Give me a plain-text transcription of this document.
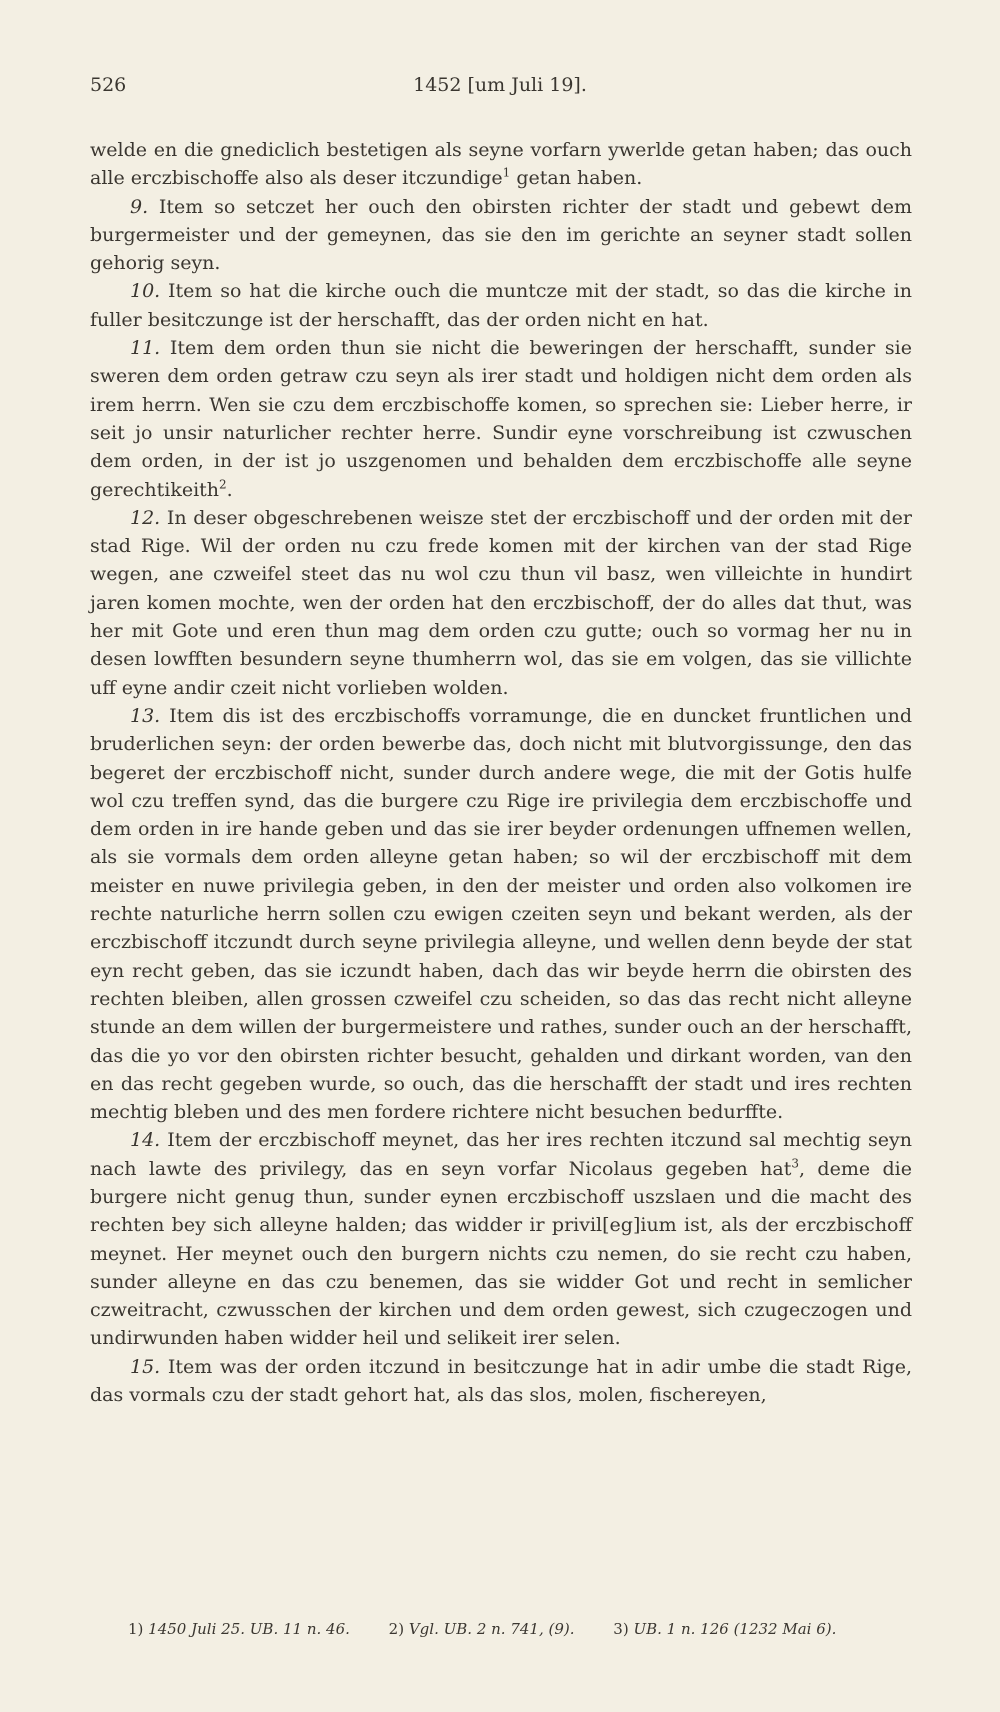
526	1452 [um Juli 19].

welde en die gnediclich bestetigen als seyne vorfarn ywerlde getan haben; das ouch alle erczbischoffe also als deser itczundige$^1$ getan haben.

9. Item so setczet her ouch den obirsten richter der stadt und gebewt dem burgermeister und der gemeynen, das sie den im gerichte an seyner stadt sollen gehorig seyn.

10. Item so hat die kirche ouch die muntcze mit der stadt, so das die kirche in fuller besitczunge ist der herschafft, das der orden nicht en hat.

11. Item dem orden thun sie nicht die beweringen der herschafft, sunder sie sweren dem orden getraw czu seyn als irer stadt und holdigen nicht dem orden als irem herrn. Wen sie czu dem erczbischoffe komen, so sprechen sie: Lieber herre, ir seit jo unsir naturlicher rechter herre. Sundir eyne vorschreibung ist czwuschen dem orden, in der ist jo uszgenomen und behalden dem erczbischoffe alle seyne gerechtikeith$^2$.

12. In deser obgeschrebenen weisze stet der erczbischoff und der orden mit der stad Rige. Wil der orden nu czu frede komen mit der kirchen van der stad Rige wegen, ane czweifel steet das nu wol czu thun vil basz, wen villeichte in hundirt jaren komen mochte, wen der orden hat den erczbischoff, der do alles dat thut, was her mit Gote und eren thun mag dem orden czu gutte; ouch so vormag her nu in desen lowfften besundern seyne thumherrn wol, das sie em volgen, das sie villichte uff eyne andir czeit nicht vorlieben wolden.

13. Item dis ist des erczbischoffs vorramunge, die en duncket fruntlichen und bruderlichen seyn: der orden bewerbe das, doch nicht mit blutvorgissunge, den das begeret der erczbischoff nicht, sunder durch andere wege, die mit der Gotis hulfe wol czu treffen synd, das die burgere czu Rige ire privilegia dem erczbischoffe und dem orden in ire hande geben und das sie irer beyder ordenungen uffnemen wellen, als sie vormals dem orden alleyne getan haben; so wil der erczbischoff mit dem meister en nuwe privilegia geben, in den der meister und orden also volkomen ire rechte naturliche herrn sollen czu ewigen czeiten seyn und bekant werden, als der erczbischoff itczundt durch seyne privilegia alleyne, und wellen denn beyde der stat eyn recht geben, das sie iczundt haben, dach das wir beyde herrn die obirsten des rechten bleiben, allen grossen czweifel czu scheiden, so das das recht nicht alleyne stunde an dem willen der burgermeistere und rathes, sunder ouch an der herschafft, das die yo vor den obirsten richter besucht, gehalden und dirkant worden, van den en das recht gegeben wurde, so ouch, das die herschafft der stadt und ires rechten mechtig bleben und des men fordere richtere nicht besuchen bedurffte.

14. Item der erczbischoff meynet, das her ires rechten itczund sal mechtig seyn nach lawte des privilegy, das en seyn vorfar Nicolaus gegeben hat$^3$, deme die burgere nicht genug thun, sunder eynen erczbischoff uszslaen und die macht des rechten bey sich alleyne halden; das widder ir privil[eg]ium ist, als der erczbischoff meynet. Her meynet ouch den burgern nichts czu nemen, do sie recht czu haben, sunder alleyne en das czu benemen, das sie widder Got und recht in semlicher czweitracht, czwusschen der kirchen und dem orden gewest, sich czugeczogen und undirwunden haben widder heil und selikeit irer selen.

15. Item was der orden itczund in besitczunge hat in adir umbe die stadt Rige, das vormals czu der stadt gehort hat, als das slos, molen, fischereyen,

1) 1450 Juli 25. UB. 11 n. 46.	2) Vgl. UB. 2 n. 741, (9).	3) UB. 1 n. 126 (1232 Mai 6).
